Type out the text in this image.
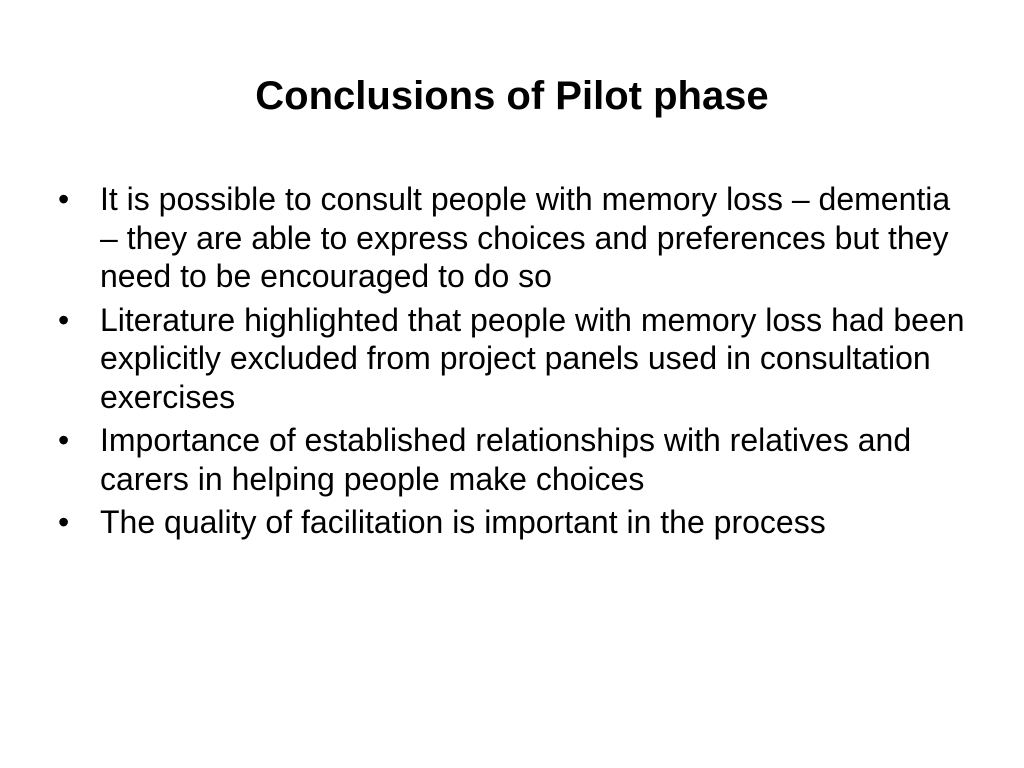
Conclusions of Pilot phase
• It is possible to consult people with memory loss – dementia – they are able to express choices and preferences but they need to be encouraged to do so
• Literature highlighted that people with memory loss had been explicitly excluded from project panels used in consultation  exercises
• Importance of established relationships with relatives and carers in helping people make choices
• The quality of facilitation is important in the process
